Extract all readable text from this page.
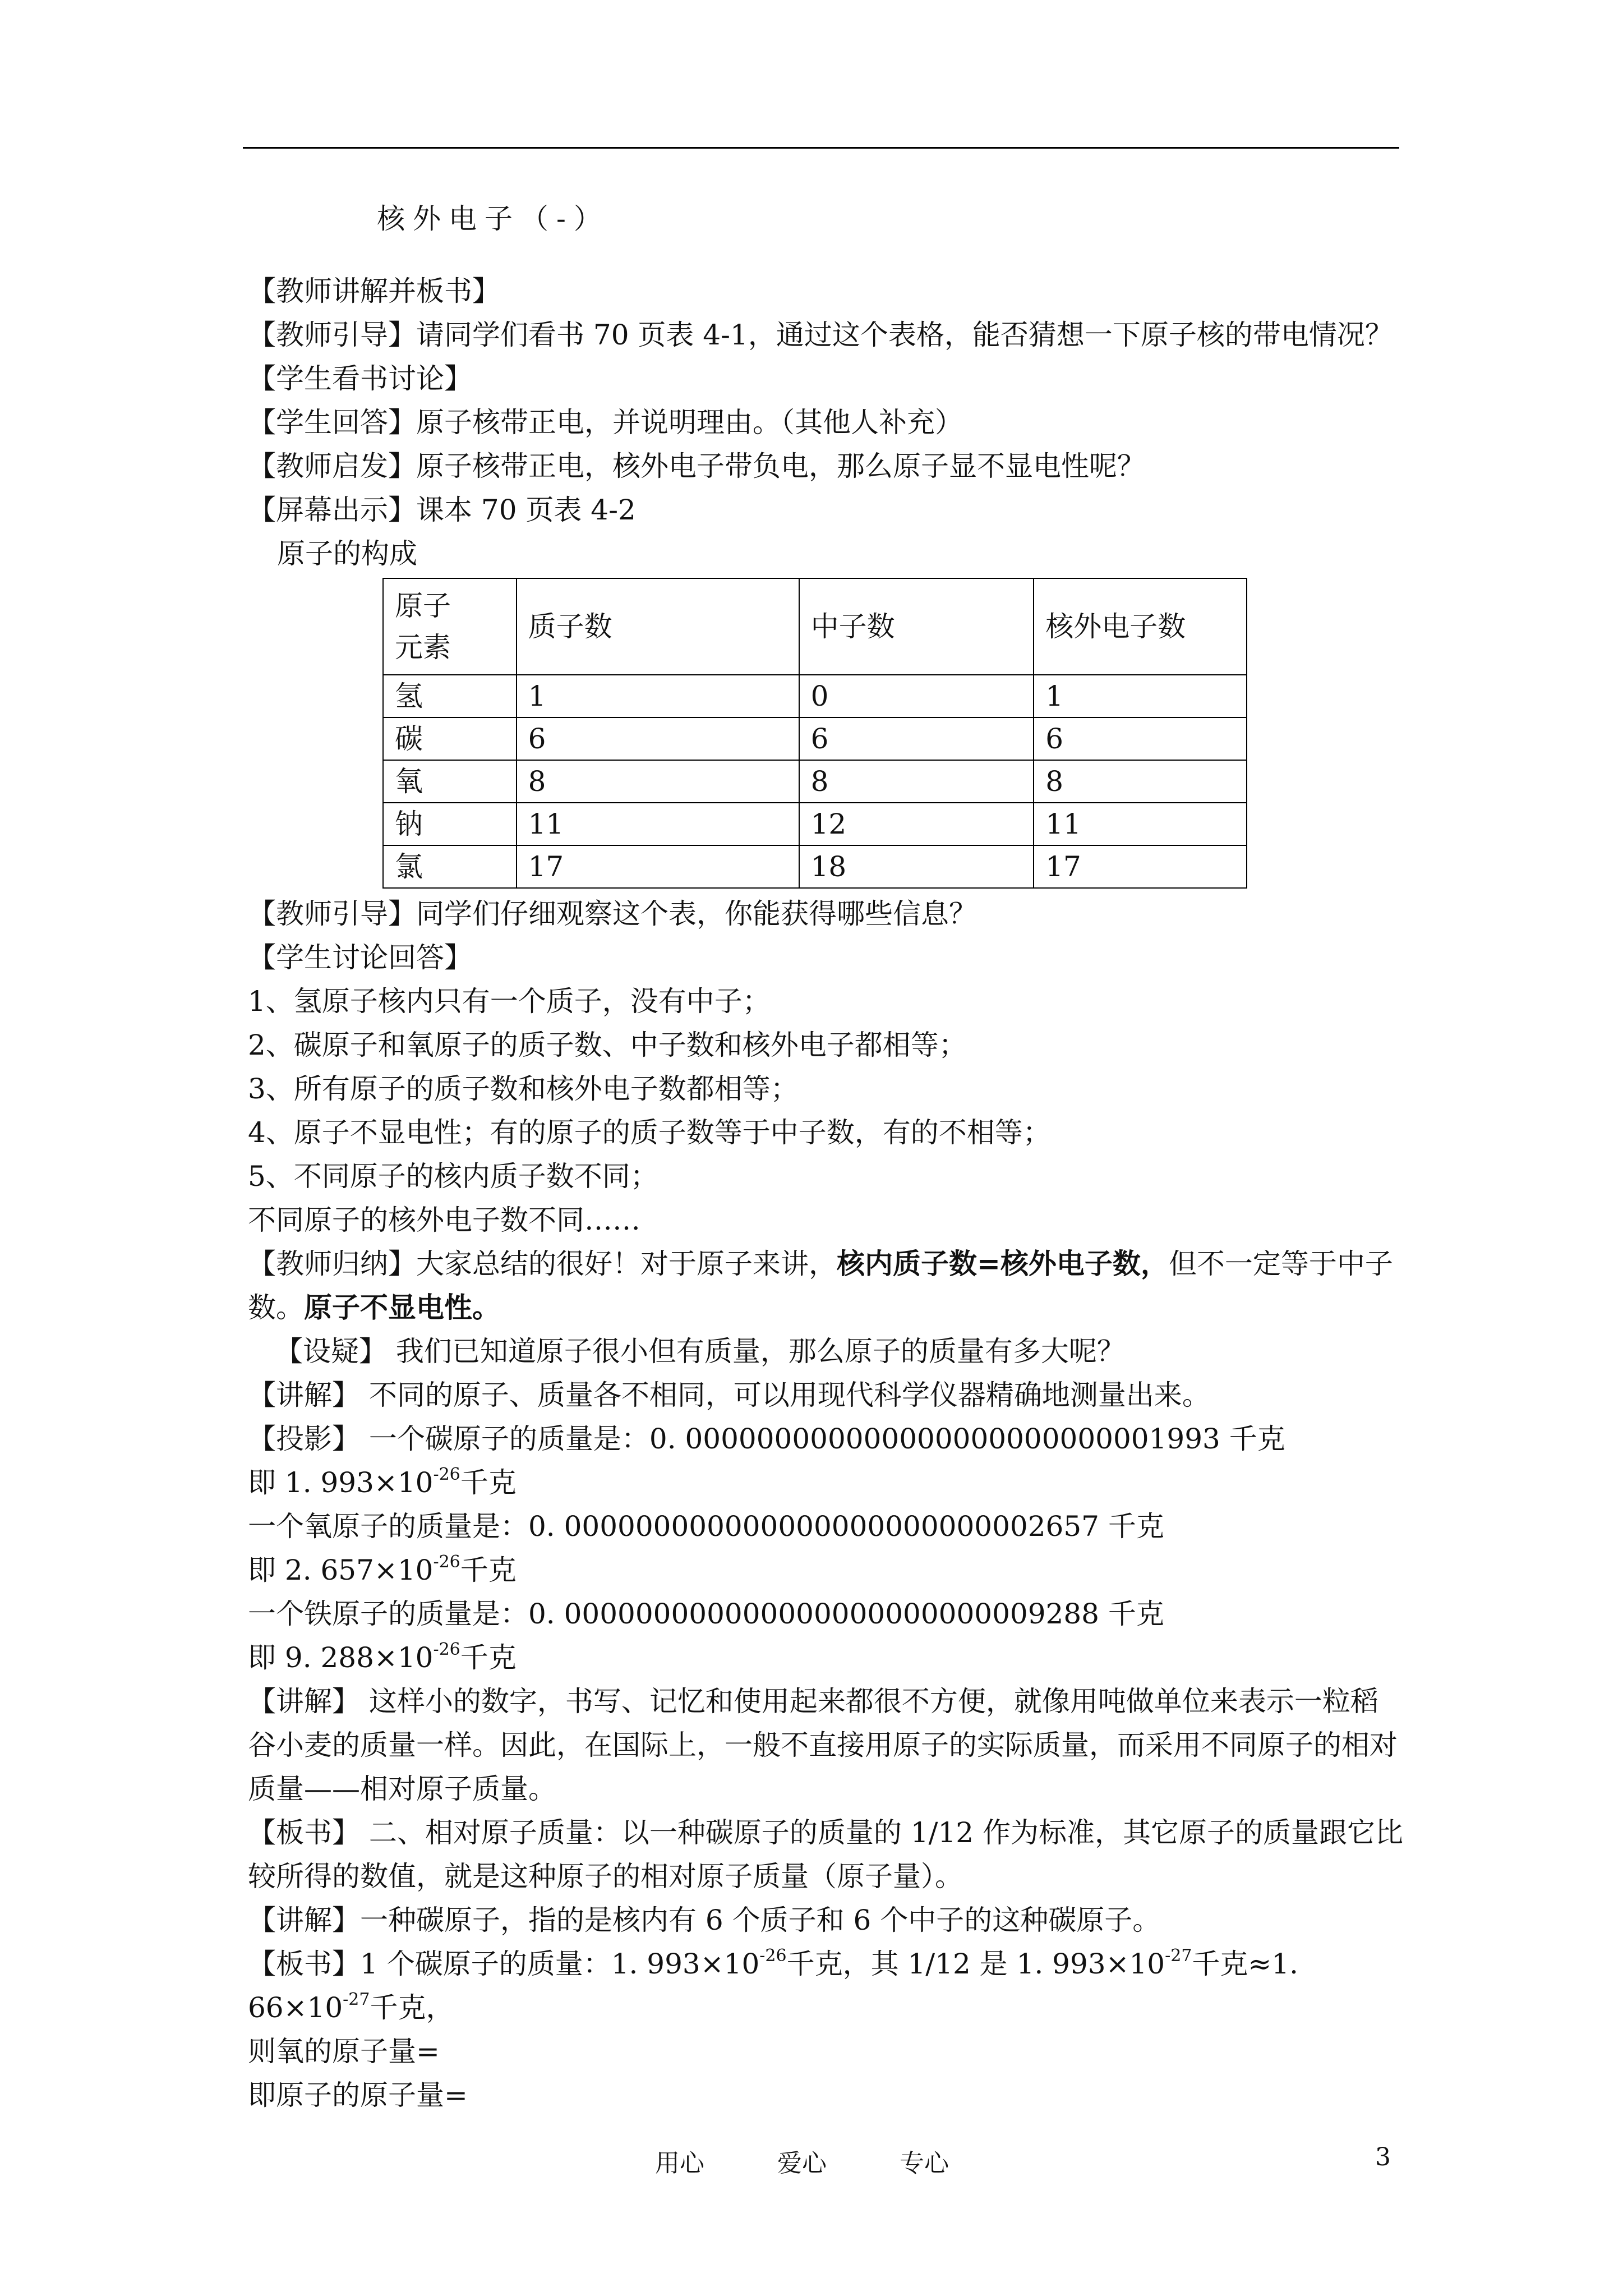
核外电子（-）
【教师讲解并板书】
【教师引导】请同学们看书 70 页表 4-1，通过这个表格，能否猜想一下原子核的带电情况？
【学生看书讨论】
【学生回答】原子核带正电，并说明理由。（其他人补充）
【教师启发】原子核带正电，核外电子带负电，那么原子显不显电性呢？
【屏幕出示】课本 70 页表 4-2
原子的构成
原子
元素	质子数	中子数	核外电子数
氢	1	0	1
碳	6	6	6
氧	8	8	8
钠	11	12	11
氯	17	18	17
【教师引导】同学们仔细观察这个表，你能获得哪些信息？
【学生讨论回答】
1、氢原子核内只有一个质子，没有中子；
2、碳原子和氧原子的质子数、中子数和核外电子都相等；
3、所有原子的质子数和核外电子数都相等；
4、原子不显电性；有的原子的质子数等于中子数，有的不相等；
5、不同原子的核内质子数不同；
不同原子的核外电子数不同……
【教师归纳】大家总结的很好！对于原子来讲，核内质子数=核外电子数，但不一定等于中子数。原子不显电性。
【设疑】 我们已知道原子很小但有质量，那么原子的质量有多大呢？
【讲解】 不同的原子、质量各不相同，可以用现代科学仪器精确地测量出来。
【投影】 一个碳原子的质量是：0. 000000000000000000000000001993 千克
即 1. $993\times 10^{-26}$千克
一个氧原子的质量是：0. 000000000000000000000000002657 千克
即 2. $657\times 10^{-26}$千克
一个铁原子的质量是：0. 000000000000000000000000009288 千克
即 9. $288\times 10^{-26}$千克
【讲解】 这样小的数字，书写、记忆和使用起来都很不方便，就像用吨做单位来表示一粒稻谷小麦的质量一样。因此，在国际上，一般不直接用原子的实际质量，而采用不同原子的相对质量——相对原子质量。
【板书】 二、相对原子质量：以一种碳原子的质量的 1/12 作为标准，其它原子的质量跟它比较所得的数值，就是这种原子的相对原子质量（原子量）。
【讲解】一种碳原子，指的是核内有 6 个质子和 6 个中子的这种碳原子。
【板书】1 个碳原子的质量：1. $993\times 10^{-26}$千克，其 1/12 是 1. $993\times 10^{-27}$千克≈1. $66\times 10^{-27}$千克，
则氧的原子量=
即原子的原子量=
用心	爱心	专心	3
